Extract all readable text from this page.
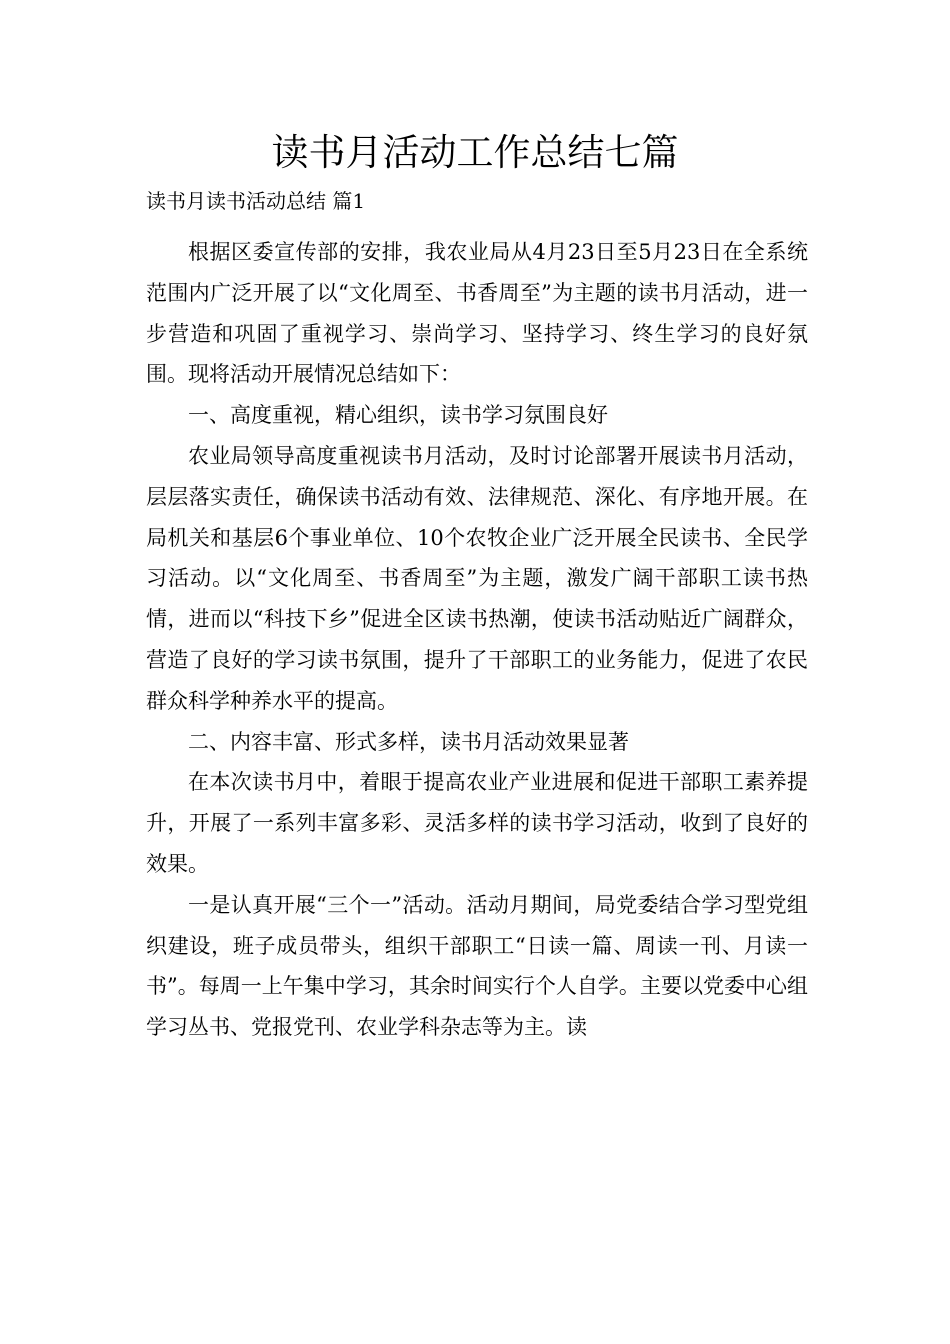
读书月活动工作总结七篇
读书月读书活动总结 篇1

根据区委宣传部的安排，我农业局从4月23日至5月23日在全系统范围内广泛开展了以“文化周至、书香周至”为主题的读书月活动，进一步营造和巩固了重视学习、崇尚学习、坚持学习、终生学习的良好氛围。现将活动开展情况总结如下：

一、高度重视，精心组织，读书学习氛围良好

农业局领导高度重视读书月活动，及时讨论部署开展读书月活动，层层落实责任，确保读书活动有效、法律规范、深化、有序地开展。在局机关和基层6个事业单位、10个农牧企业广泛开展全民读书、全民学习活动。以“文化周至、书香周至”为主题，激发广阔干部职工读书热情，进而以“科技下乡”促进全区读书热潮，使读书活动贴近广阔群众，营造了良好的学习读书氛围，提升了干部职工的业务能力，促进了农民群众科学种养水平的提高。

二、内容丰富、形式多样，读书月活动效果显著

在本次读书月中，着眼于提高农业产业进展和促进干部职工素养提升，开展了一系列丰富多彩、灵活多样的读书学习活动，收到了良好的效果。

一是认真开展“三个一”活动。活动月期间，局党委结合学习型党组织建设，班子成员带头，组织干部职工“日读一篇、周读一刊、月读一书”。每周一上午集中学习，其余时间实行个人自学。主要以党委中心组学习丛书、党报党刊、农业学科杂志等为主。读
